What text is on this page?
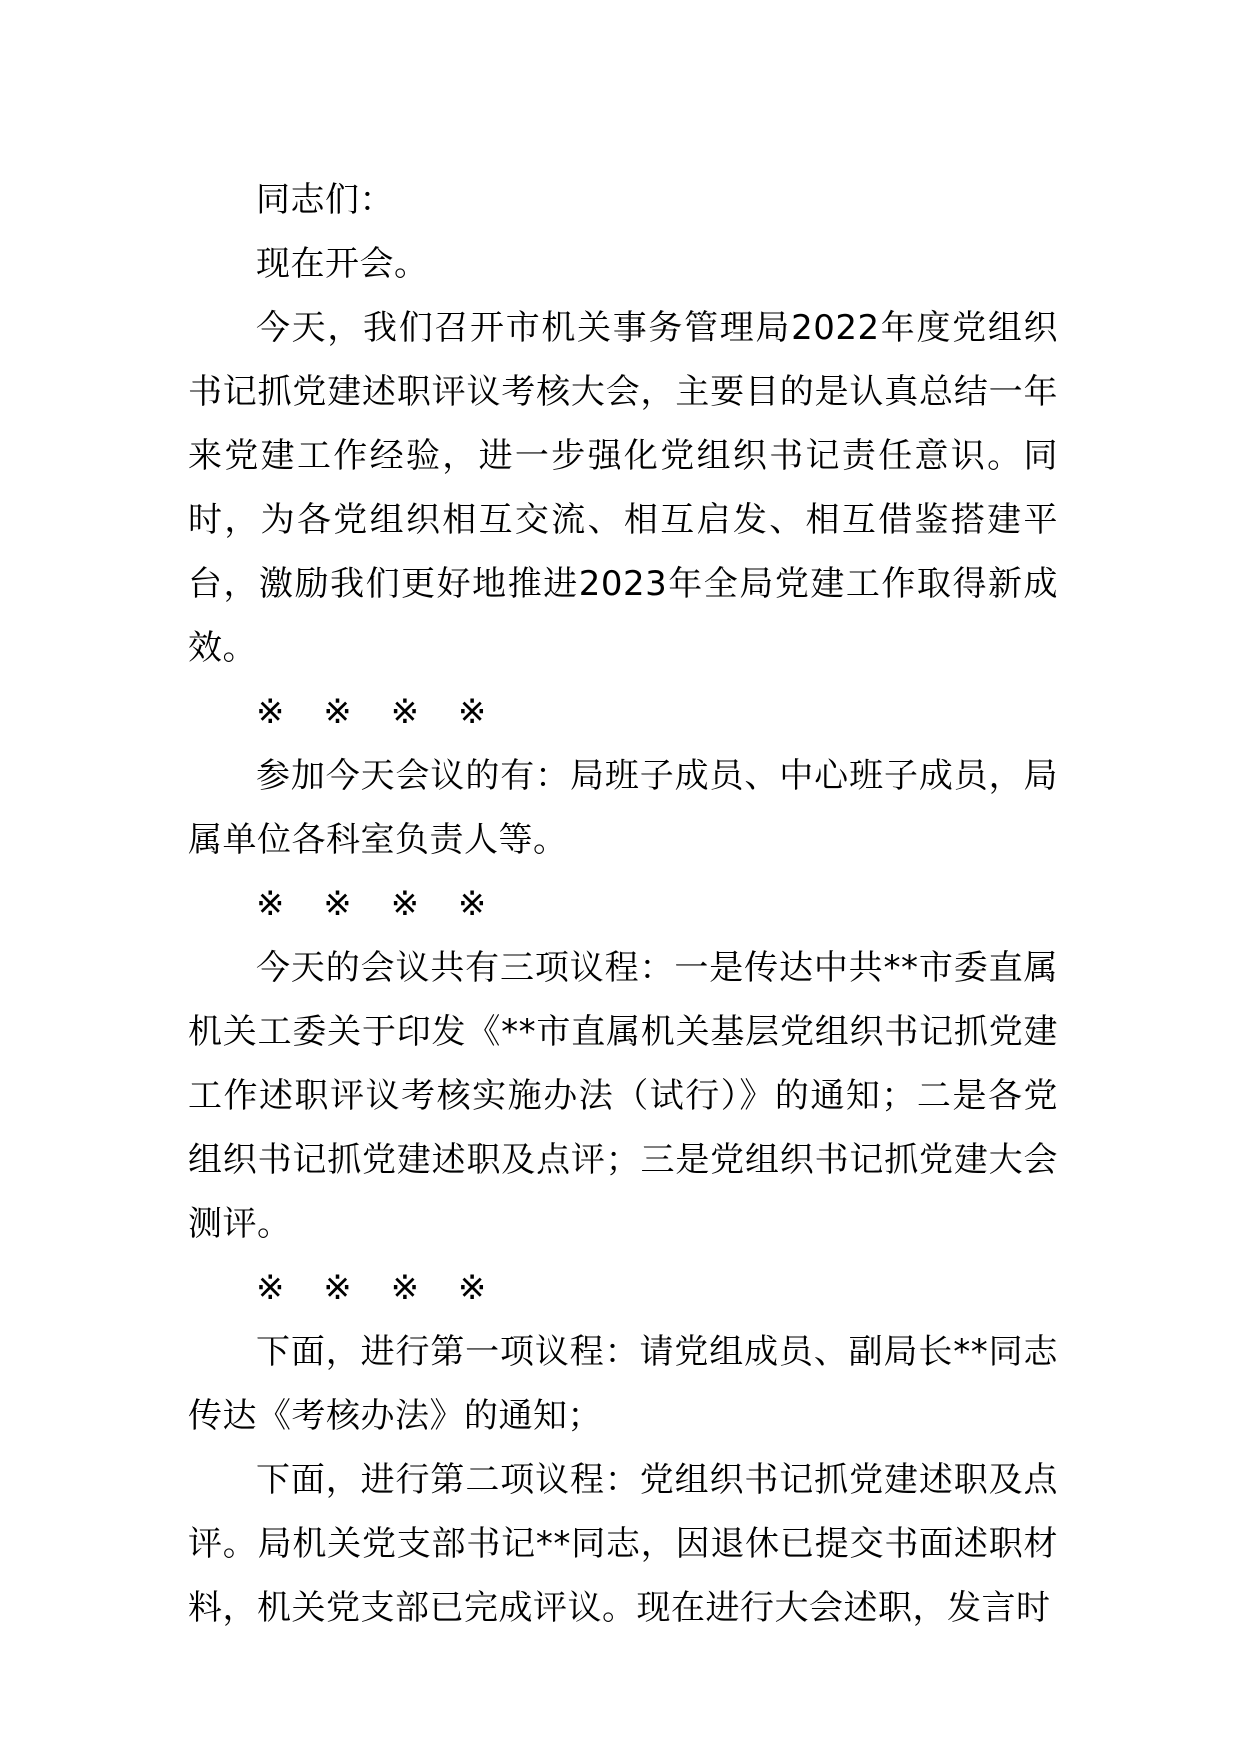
同志们：

现在开会。

今天，我们召开市机关事务管理局2022年度党组织书记抓党建述职评议考核大会，主要目的是认真总结一年来党建工作经验，进一步强化党组织书记责任意识。同时，为各党组织相互交流、相互启发、相互借鉴搭建平台，激励我们更好地推进2023年全局党建工作取得新成效。

※ ※ ※ ※

参加今天会议的有：局班子成员、中心班子成员，局属单位各科室负责人等。

※ ※ ※ ※

今天的会议共有三项议程：一是传达中共**市委直属机关工委关于印发《**市直属机关基层党组织书记抓党建工作述职评议考核实施办法（试行）》的通知；二是各党组织书记抓党建述职及点评；三是党组织书记抓党建大会测评。

※ ※ ※ ※

下面，进行第一项议程：请党组成员、副局长**同志传达《考核办法》的通知；

下面，进行第二项议程：党组织书记抓党建述职及点评。局机关党支部书记**同志，因退休已提交书面述职材料，机关党支部已完成评议。现在进行大会述职，发言时
